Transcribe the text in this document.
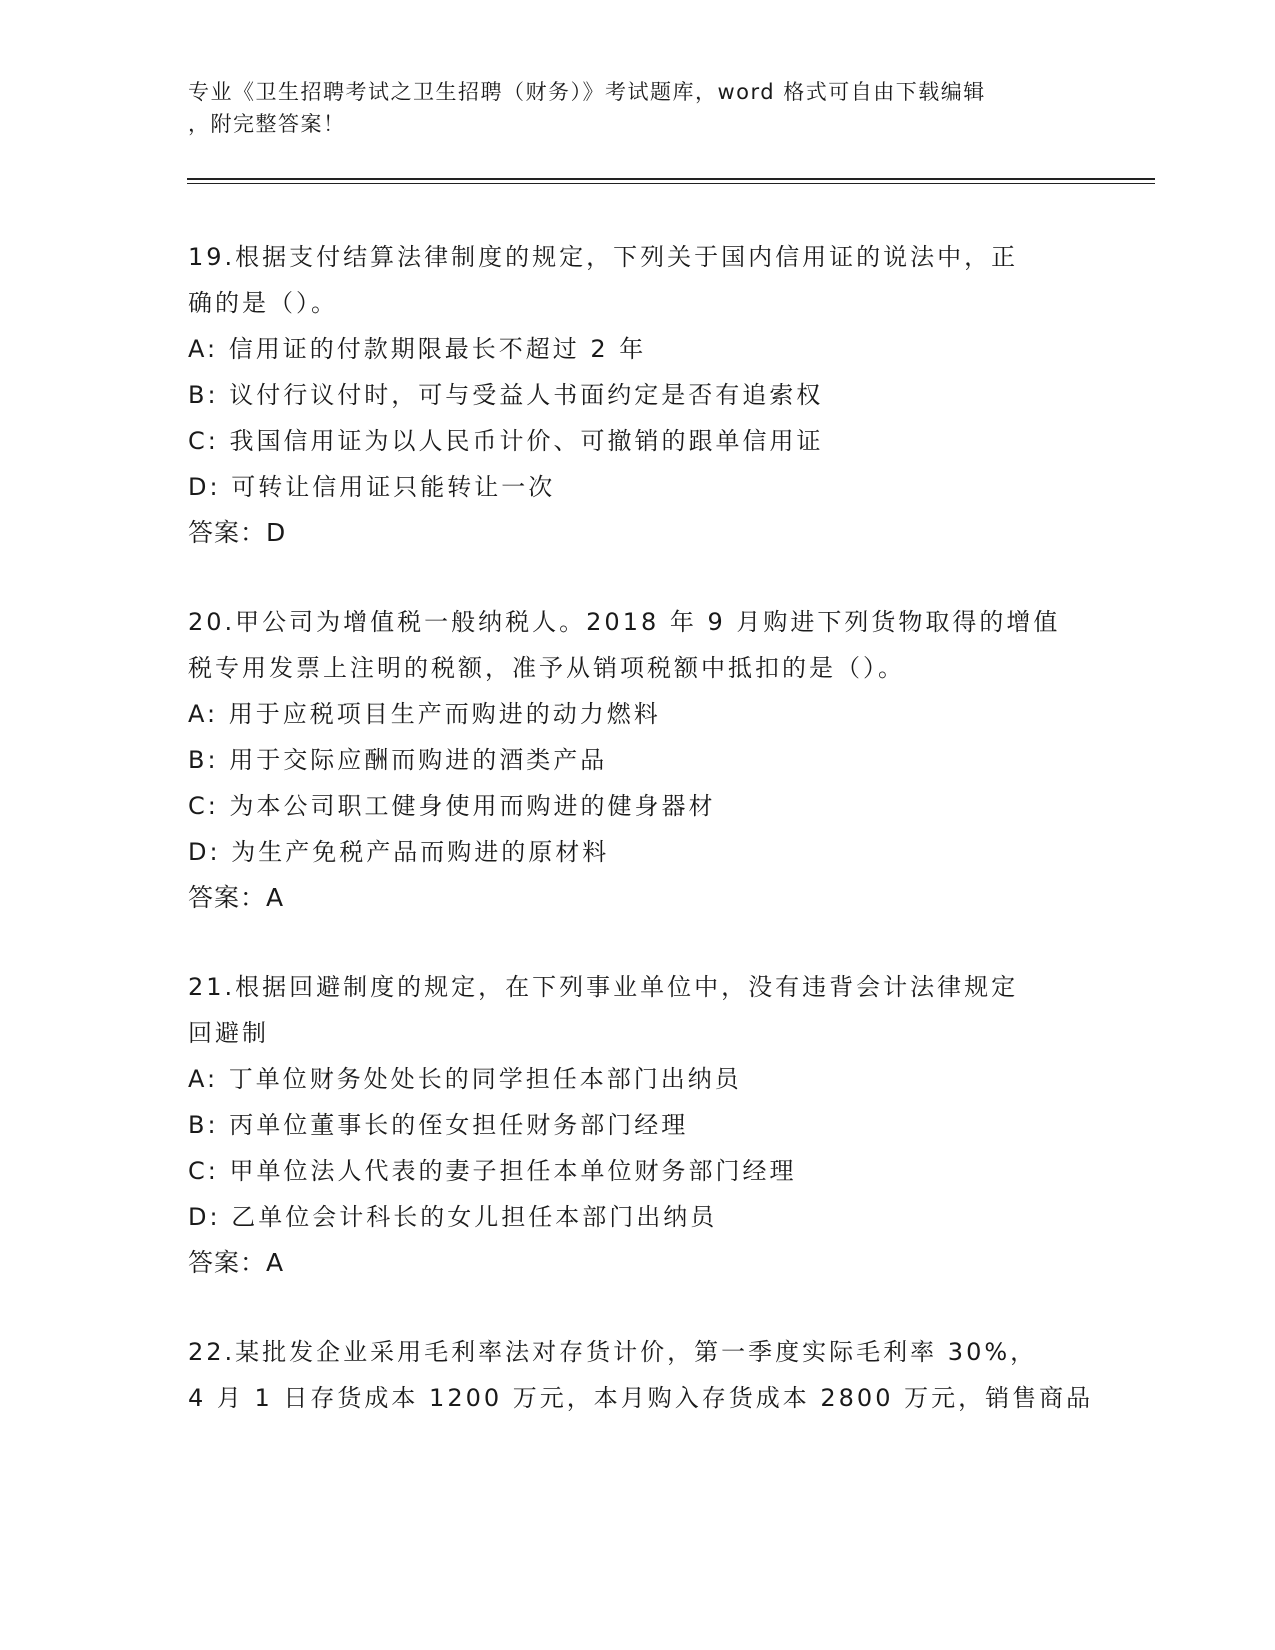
专业《卫生招聘考试之卫生招聘（财务）》考试题库，word 格式可自由下载编辑
，附完整答案！
19.根据支付结算法律制度的规定，下列关于国内信用证的说法中，正
确的是（）。
A: 信用证的付款期限最长不超过 2 年
B: 议付行议付时，可与受益人书面约定是否有追索权
C: 我国信用证为以人民币计价、可撤销的跟单信用证
D: 可转让信用证只能转让一次
答案：D
20.甲公司为增值税一般纳税人。2018 年 9 月购进下列货物取得的增值
税专用发票上注明的税额，准予从销项税额中抵扣的是（）。
A: 用于应税项目生产而购进的动力燃料
B: 用于交际应酬而购进的酒类产品
C: 为本公司职工健身使用而购进的健身器材
D: 为生产免税产品而购进的原材料
答案：A
21.根据回避制度的规定，在下列事业单位中，没有违背会计法律规定
回避制
A: 丁单位财务处处长的同学担任本部门出纳员
B: 丙单位董事长的侄女担任财务部门经理
C: 甲单位法人代表的妻子担任本单位财务部门经理
D: 乙单位会计科长的女儿担任本部门出纳员
答案：A
22.某批发企业采用毛利率法对存货计价，第一季度实际毛利率 30%，
4 月 1 日存货成本 1200 万元，本月购入存货成本 2800 万元，销售商品
